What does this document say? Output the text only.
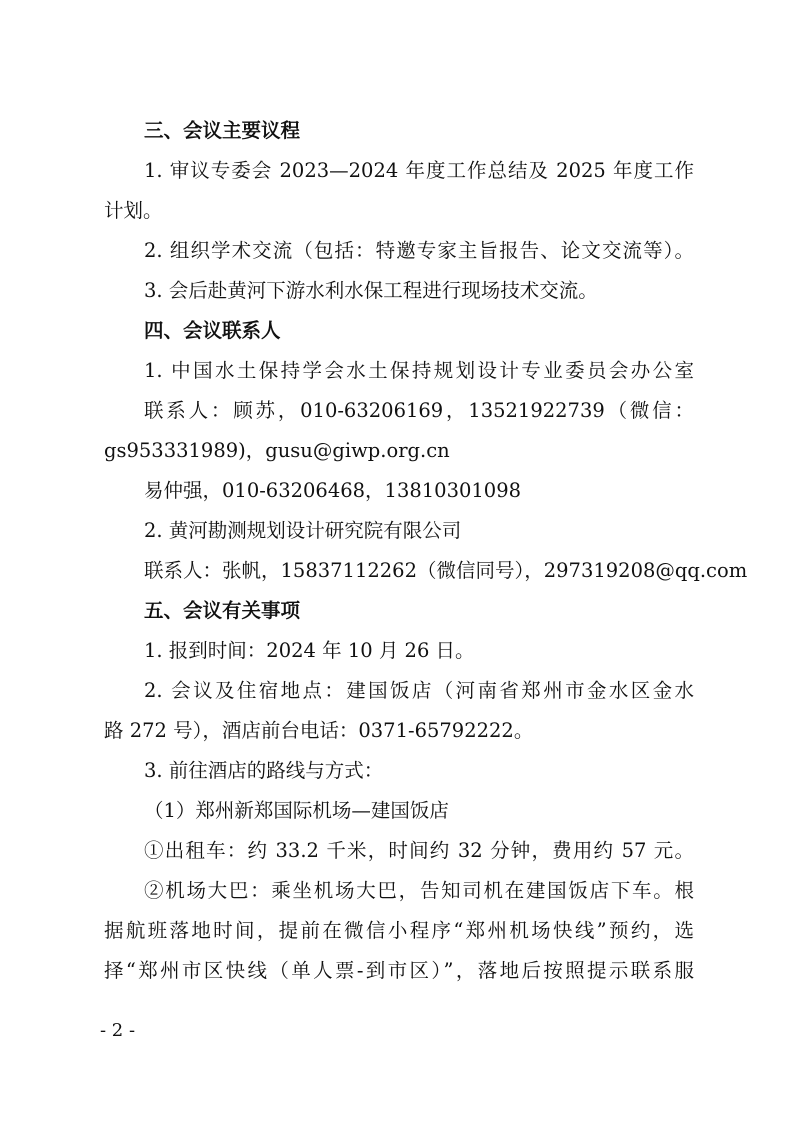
三、会议主要议程
1. 审议专委会 2023—2024 年度工作总结及 2025 年度工作
计划。
2. 组织学术交流（包括：特邀专家主旨报告、论文交流等）。
3. 会后赴黄河下游水利水保工程进行现场技术交流。
四、会议联系人
1. 中国水土保持学会水土保持规划设计专业委员会办公室
联系人：顾苏，010-63206169，13521922739（微信：
gs953331989)，gusu@giwp.org.cn
易仲强，010-63206468，13810301098
2. 黄河勘测规划设计研究院有限公司
联系人：张帆，15837112262（微信同号），297319208@qq.com
五、会议有关事项
1. 报到时间：2024 年 10 月 26 日。
2. 会议及住宿地点：建国饭店（河南省郑州市金水区金水
路 272 号），酒店前台电话：0371-65792222。
3. 前往酒店的路线与方式：
（1）郑州新郑国际机场—建国饭店
①出租车：约 33.2 千米，时间约 32 分钟，费用约 57 元。
②机场大巴：乘坐机场大巴，告知司机在建国饭店下车。根
据航班落地时间，提前在微信小程序“郑州机场快线”预约，选
择“郑州市区快线（单人票-到市区）”，落地后按照提示联系服
- 2 -
